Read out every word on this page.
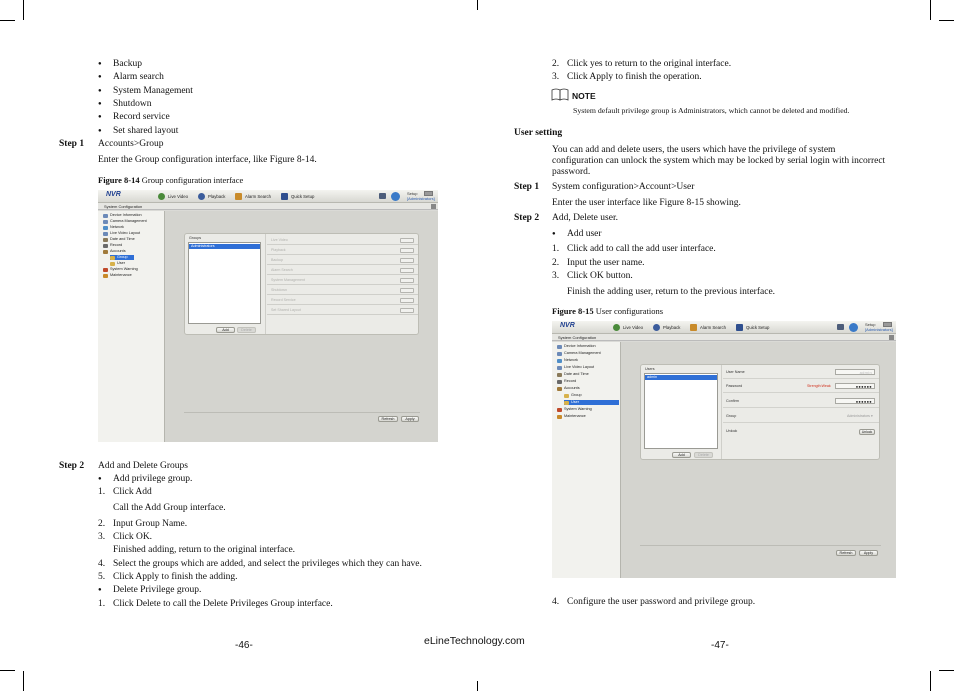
● Backup
● Alarm search
● System Management
● Shutdown
● Record service
● Set shared layout
Step 1 Accounts>Group
Enter the Group configuration interface, like Figure 8-14.
Figure 8-14 Group configuration interface
NVR	Live Video	Playback	Alarm Search	Quick Setup
Setup
[Administrators]
System Configuration
Device Information
Camera Management
Network
Live Video Layout
Date and Time
Record
Accounts
Group
User
System Warning
Maintenance
Groups
Administrators
Add	Delete
Live Video
Playback
Backup
Alarm Search
System Management
Shutdown
Record Service
Set Shared Layout
Refresh	Apply
Step 2 Add and Delete Groups
● Add privilege group.
1. Click Add
Call the Add Group interface.
2. Input Group Name.
3. Click OK.
Finished adding, return to the original interface.
4. Select the groups which are added, and select the privileges which they can have.
5. Click Apply to finish the adding.
● Delete Privilege group.
1. Click Delete to call the Delete Privileges Group interface.
-46-	eLineTechnology.com
2. Click yes to return to the original interface.
3. Click Apply to finish the operation.
NOTE
System default privilege group is Administrators, which cannot be deleted and modified.
User setting
You can add and delete users, the users which have the privilege of system
configuration can unlock the system which may be locked by serial login with incorrect
password.
Step 1 System configuration>Account>User
Enter the user interface like Figure 8-15 showing.
Step 2 Add, Delete user.
● Add user
1. Click add to call the add user interface.
2. Input the user name.
3. Click OK button.
Finish the adding user, return to the previous interface.
Figure 8-15 User configurations
NVR	Live Video	Playback	Alarm Search	Quick Setup
Setup
[Administrators]
System Configuration
Device Information
Camera Management
Network
Live Video Layout
Date and Time
Record
Accounts
Group
User
System Warning
Maintenance
Users
admin
Add	Delete
User Name	admin
Password	Strength:Weak	●●●●●●
Confirm	●●●●●●
Group	Administrators ▾
Unlock	Unlock
Refresh	Apply
4. Configure the user password and privilege group.
-47-
